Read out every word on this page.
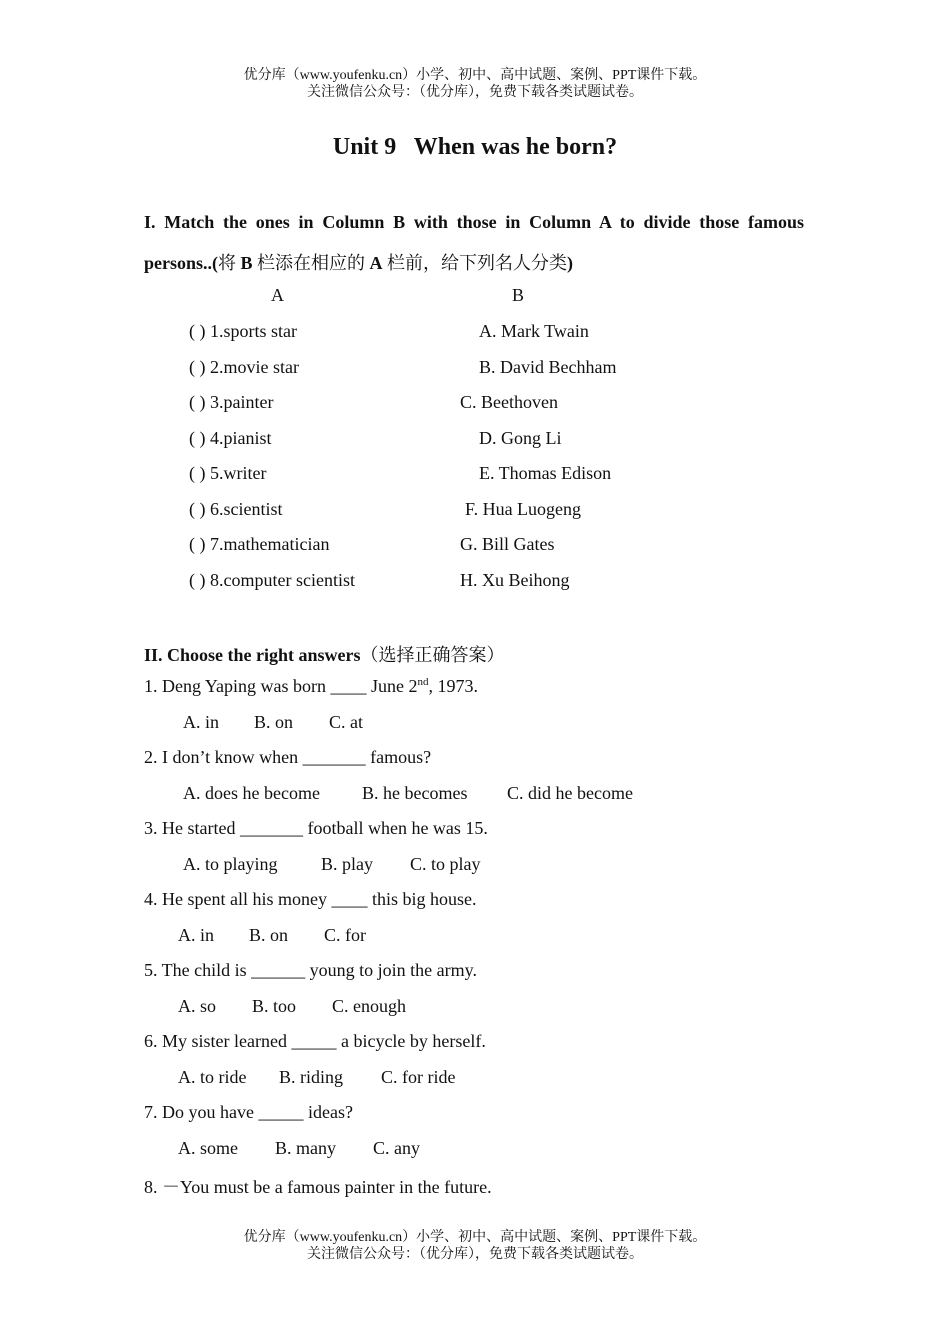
优分库（www.youfenku.cn）小学、初中、高中试题、案例、PPT课件下载。
关注微信公众号：（优分库），免费下载各类试题试卷。
Unit 9   When was he born?
I. Match the ones in Column B with those in Column A to divide those famous
persons..(将 B 栏添在相应的 A 栏前，给下列名人分类)
A	B
( ) 1.sports star	A. Mark Twain
( ) 2.movie star	B. David Bechham
( ) 3.painter	C. Beethoven
( ) 4.pianist	D. Gong Li
( ) 5.writer	E. Thomas Edison
( ) 6.scientist	F. Hua Luogeng
( ) 7.mathematician	G. Bill Gates
( ) 8.computer scientist	H. Xu Beihong
II. Choose the right answers（选择正确答案）
1. Deng Yaping was born ____ June 2nd, 1973.
A. in B. on C. at
2. I don’t know when _______ famous?
A. does he become B. he becomes C. did he become
3. He started _______ football when he was 15.
A. to playing B. play C. to play
4. He spent all his money ____ this big house.
A. in B. on C. for
5. The child is ______ young to join the army.
A. so B. too C. enough
6. My sister learned _____ a bicycle by herself.
A. to ride B. riding C. for ride
7. Do you have _____ ideas?
A. some B. many C. any
8. －You must be a famous painter in the future.
优分库（www.youfenku.cn）小学、初中、高中试题、案例、PPT课件下载。
关注微信公众号：（优分库），免费下载各类试题试卷。
